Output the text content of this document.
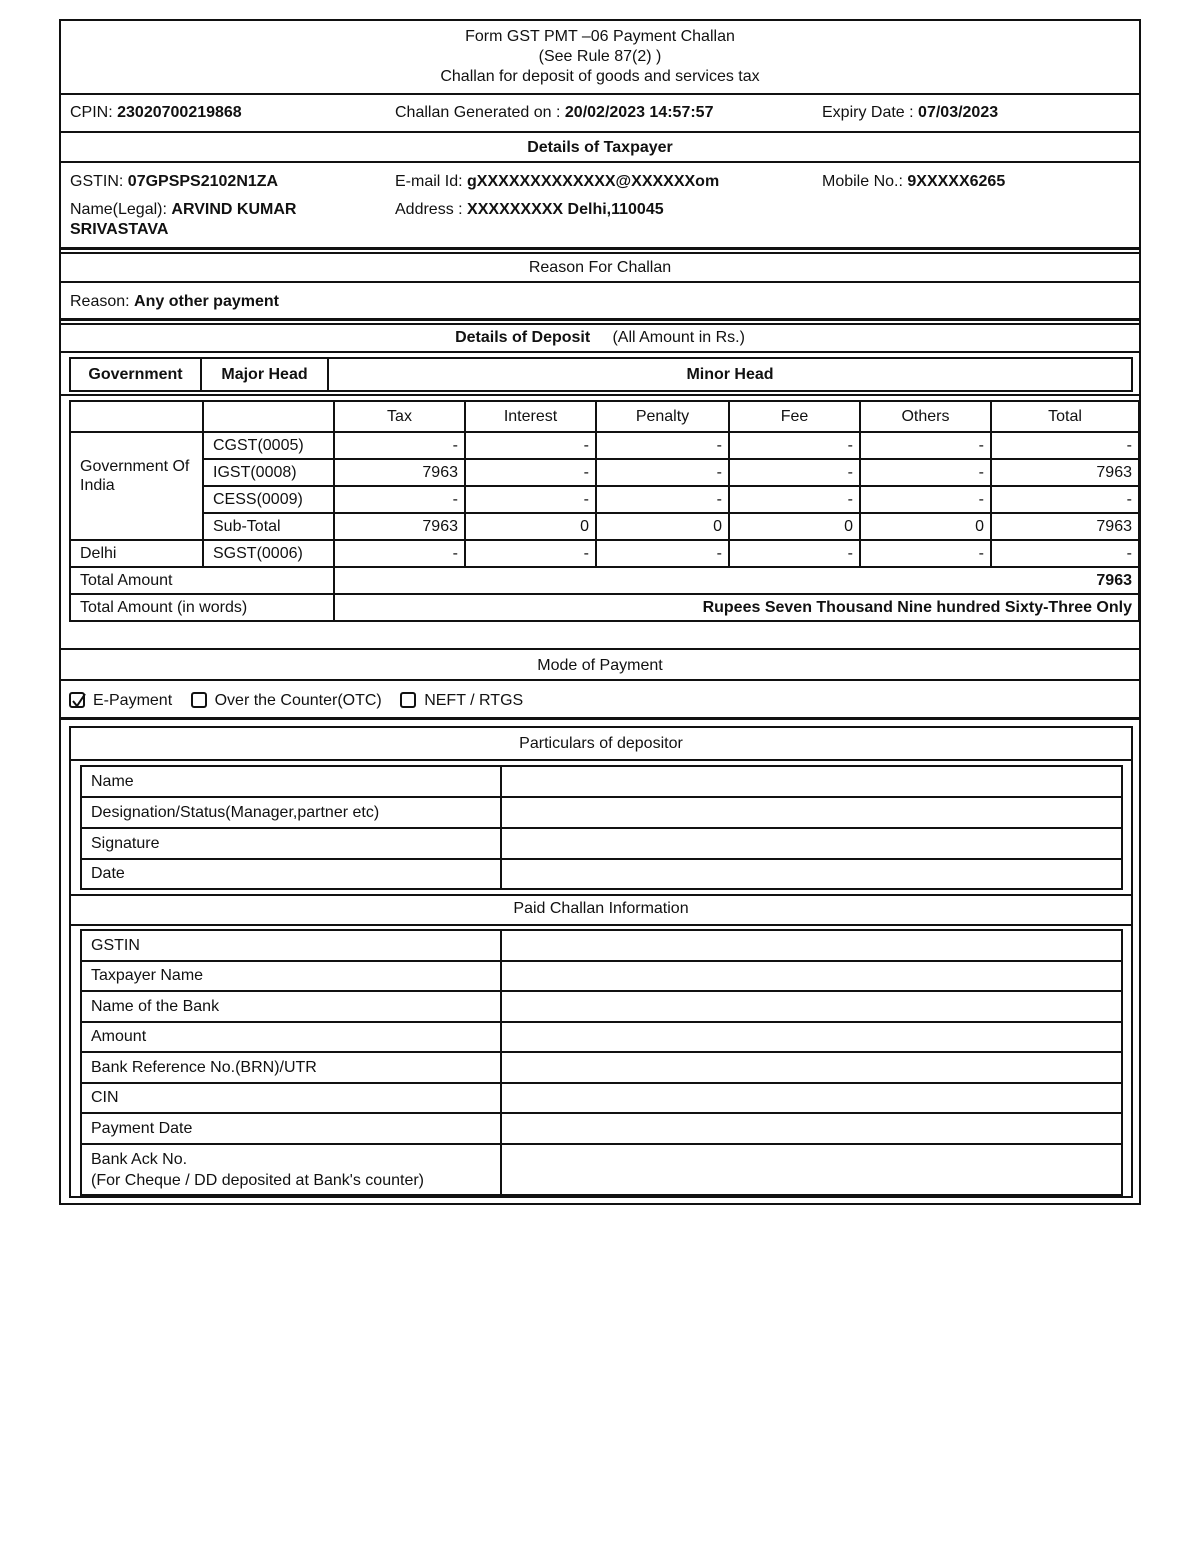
Form GST PMT –06 Payment Challan
(See Rule 87(2) )
Challan for deposit of goods and services tax
CPIN: 23020700219868	Challan Generated on : 20/02/2023 14:57:57	Expiry Date : 07/03/2023
Details of Taxpayer
GSTIN: 07GPSPS2102N1ZA	E-mail Id: gXXXXXXXXXXXXX@XXXXXXom	Mobile No.: 9XXXXX6265
Name(Legal): ARVIND KUMAR
SRIVASTAVA
Address : XXXXXXXXX Delhi,110045
Reason For Challan
Reason: Any other payment
Details of Deposit (All Amount in Rs.)
Government	Major Head	Minor Head
		Tax	Interest	Penalty	Fee	Others	Total
Government Of India	CGST(0005)	-	-	-	-	-	-
	IGST(0008)	7963	-	-	-	-	7963
	CESS(0009)	-	-	-	-	-	-
	Sub-Total	7963	0	0	0	0	7963
Delhi	SGST(0006)	-	-	-	-	-	-
Total Amount		7963					
Total Amount (in words)		Rupees Seven Thousand Nine hundred Sixty-Three Only					
Mode of Payment
E-Payment	Over the Counter(OTC)	NEFT / RTGS
Particulars of depositor
Name	
Designation/Status(Manager,partner etc)	
Signature	
Date	
Paid Challan Information
GSTIN	
Taxpayer Name	
Name of the Bank	
Amount	
Bank Reference No.(BRN)/UTR	
CIN	
Payment Date	
Bank Ack No.
(For Cheque / DD deposited at Bank's counter)	
